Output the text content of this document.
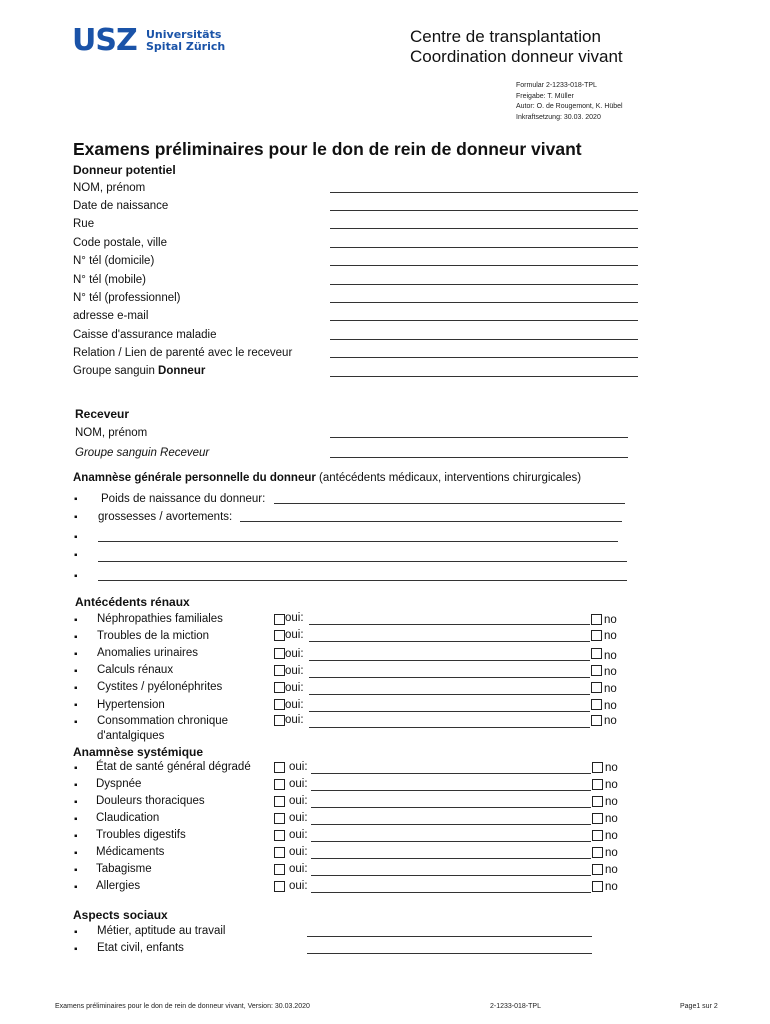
USZ Universitäts
Spital Zürich
Centre de transplantation
Coordination donneur vivant
Formular 2-1233-018-TPL
Freigabe: T. Müller
Autor: O. de Rougemont, K. Hübel
Inkraftsetzung: 30.03. 2020
Examens préliminaires pour le don de rein de donneur vivant
Donneur potentiel
NOM, prénom
Date de naissance
Rue
Code postale, ville
N° tél (domicile)
N° tél (mobile)
N° tél (professionnel)
adresse e-mail
Caisse d'assurance maladie
Relation / Lien de parenté avec le receveur
Groupe sanguin Donneur
Receveur
NOM, prénom
Groupe sanguin Receveur
Anamnèse générale personnelle du donneur (antécédents médicaux, interventions chirurgicales)
▪ Poids de naissance du donneur:
▪ grossesses / avortements:
▪
▪
▪
Antécédents rénaux
▪ Néphropathies familiales	oui:	no
▪ Troubles de la miction	oui:	no
▪ Anomalies urinaires	oui:	no
▪ Calculs rénaux	oui:	no
▪ Cystites / pyélonéphrites	oui:	no
▪ Hypertension	oui:	no
▪ Consommation chronique
d'antalgiques
oui:	no
Anamnèse systémique
▪ État de santé général dégradé	oui:	no
▪ Dyspnée	oui:	no
▪ Douleurs thoraciques	oui:	no
▪ Claudication	oui:	no
▪ Troubles digestifs	oui:	no
▪ Médicaments	oui:	no
▪ Tabagisme	oui:	no
▪ Allergies	oui:	no
Aspects sociaux
▪ Métier, aptitude au travail
▪ Etat civil, enfants
Examens préliminaires pour le don de rein de donneur vivant, Version: 30.03.2020	2-1233-018-TPL	Page1 sur 2
